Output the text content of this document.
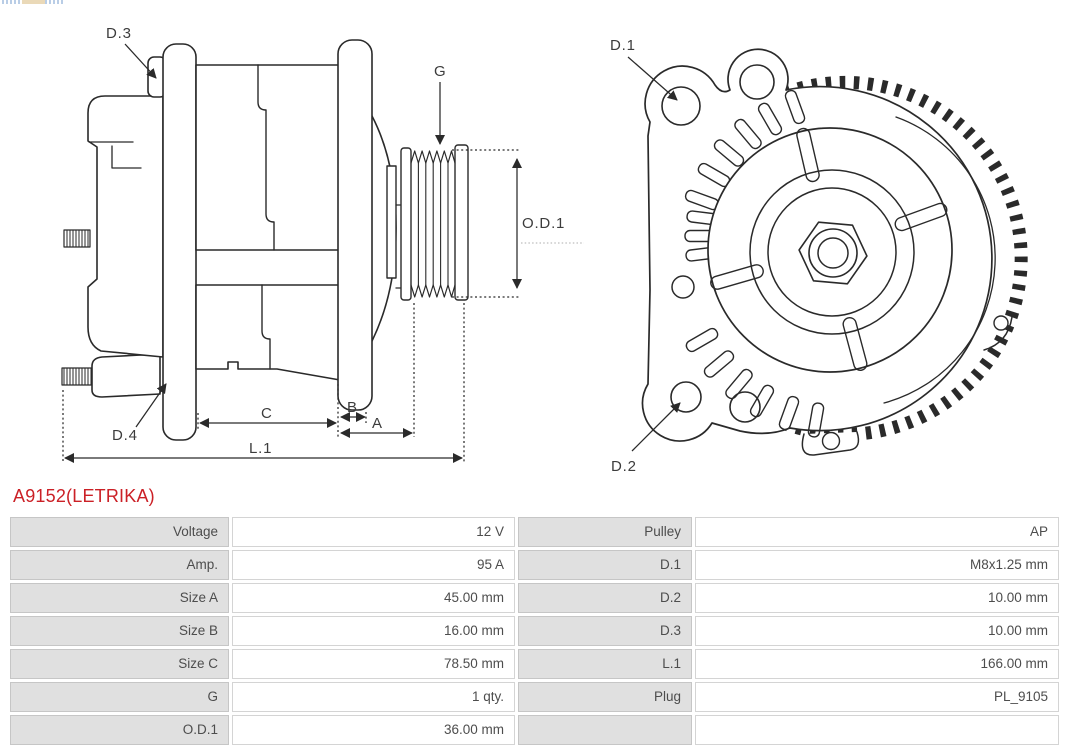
D.3
G
O.D.1
D.4
C	B
A
L.1
D.1
D.2
A9152(LETRIKA)
Voltage	12 V	Pulley	AP
Amp.	95 A	D.1	M8x1.25 mm
Size A	45.00 mm	D.2	10.00 mm
Size B	16.00 mm	D.3	10.00 mm
Size C	78.50 mm	L.1	166.00 mm
G	1 qty.	Plug	PL_9105
O.D.1	36.00 mm
